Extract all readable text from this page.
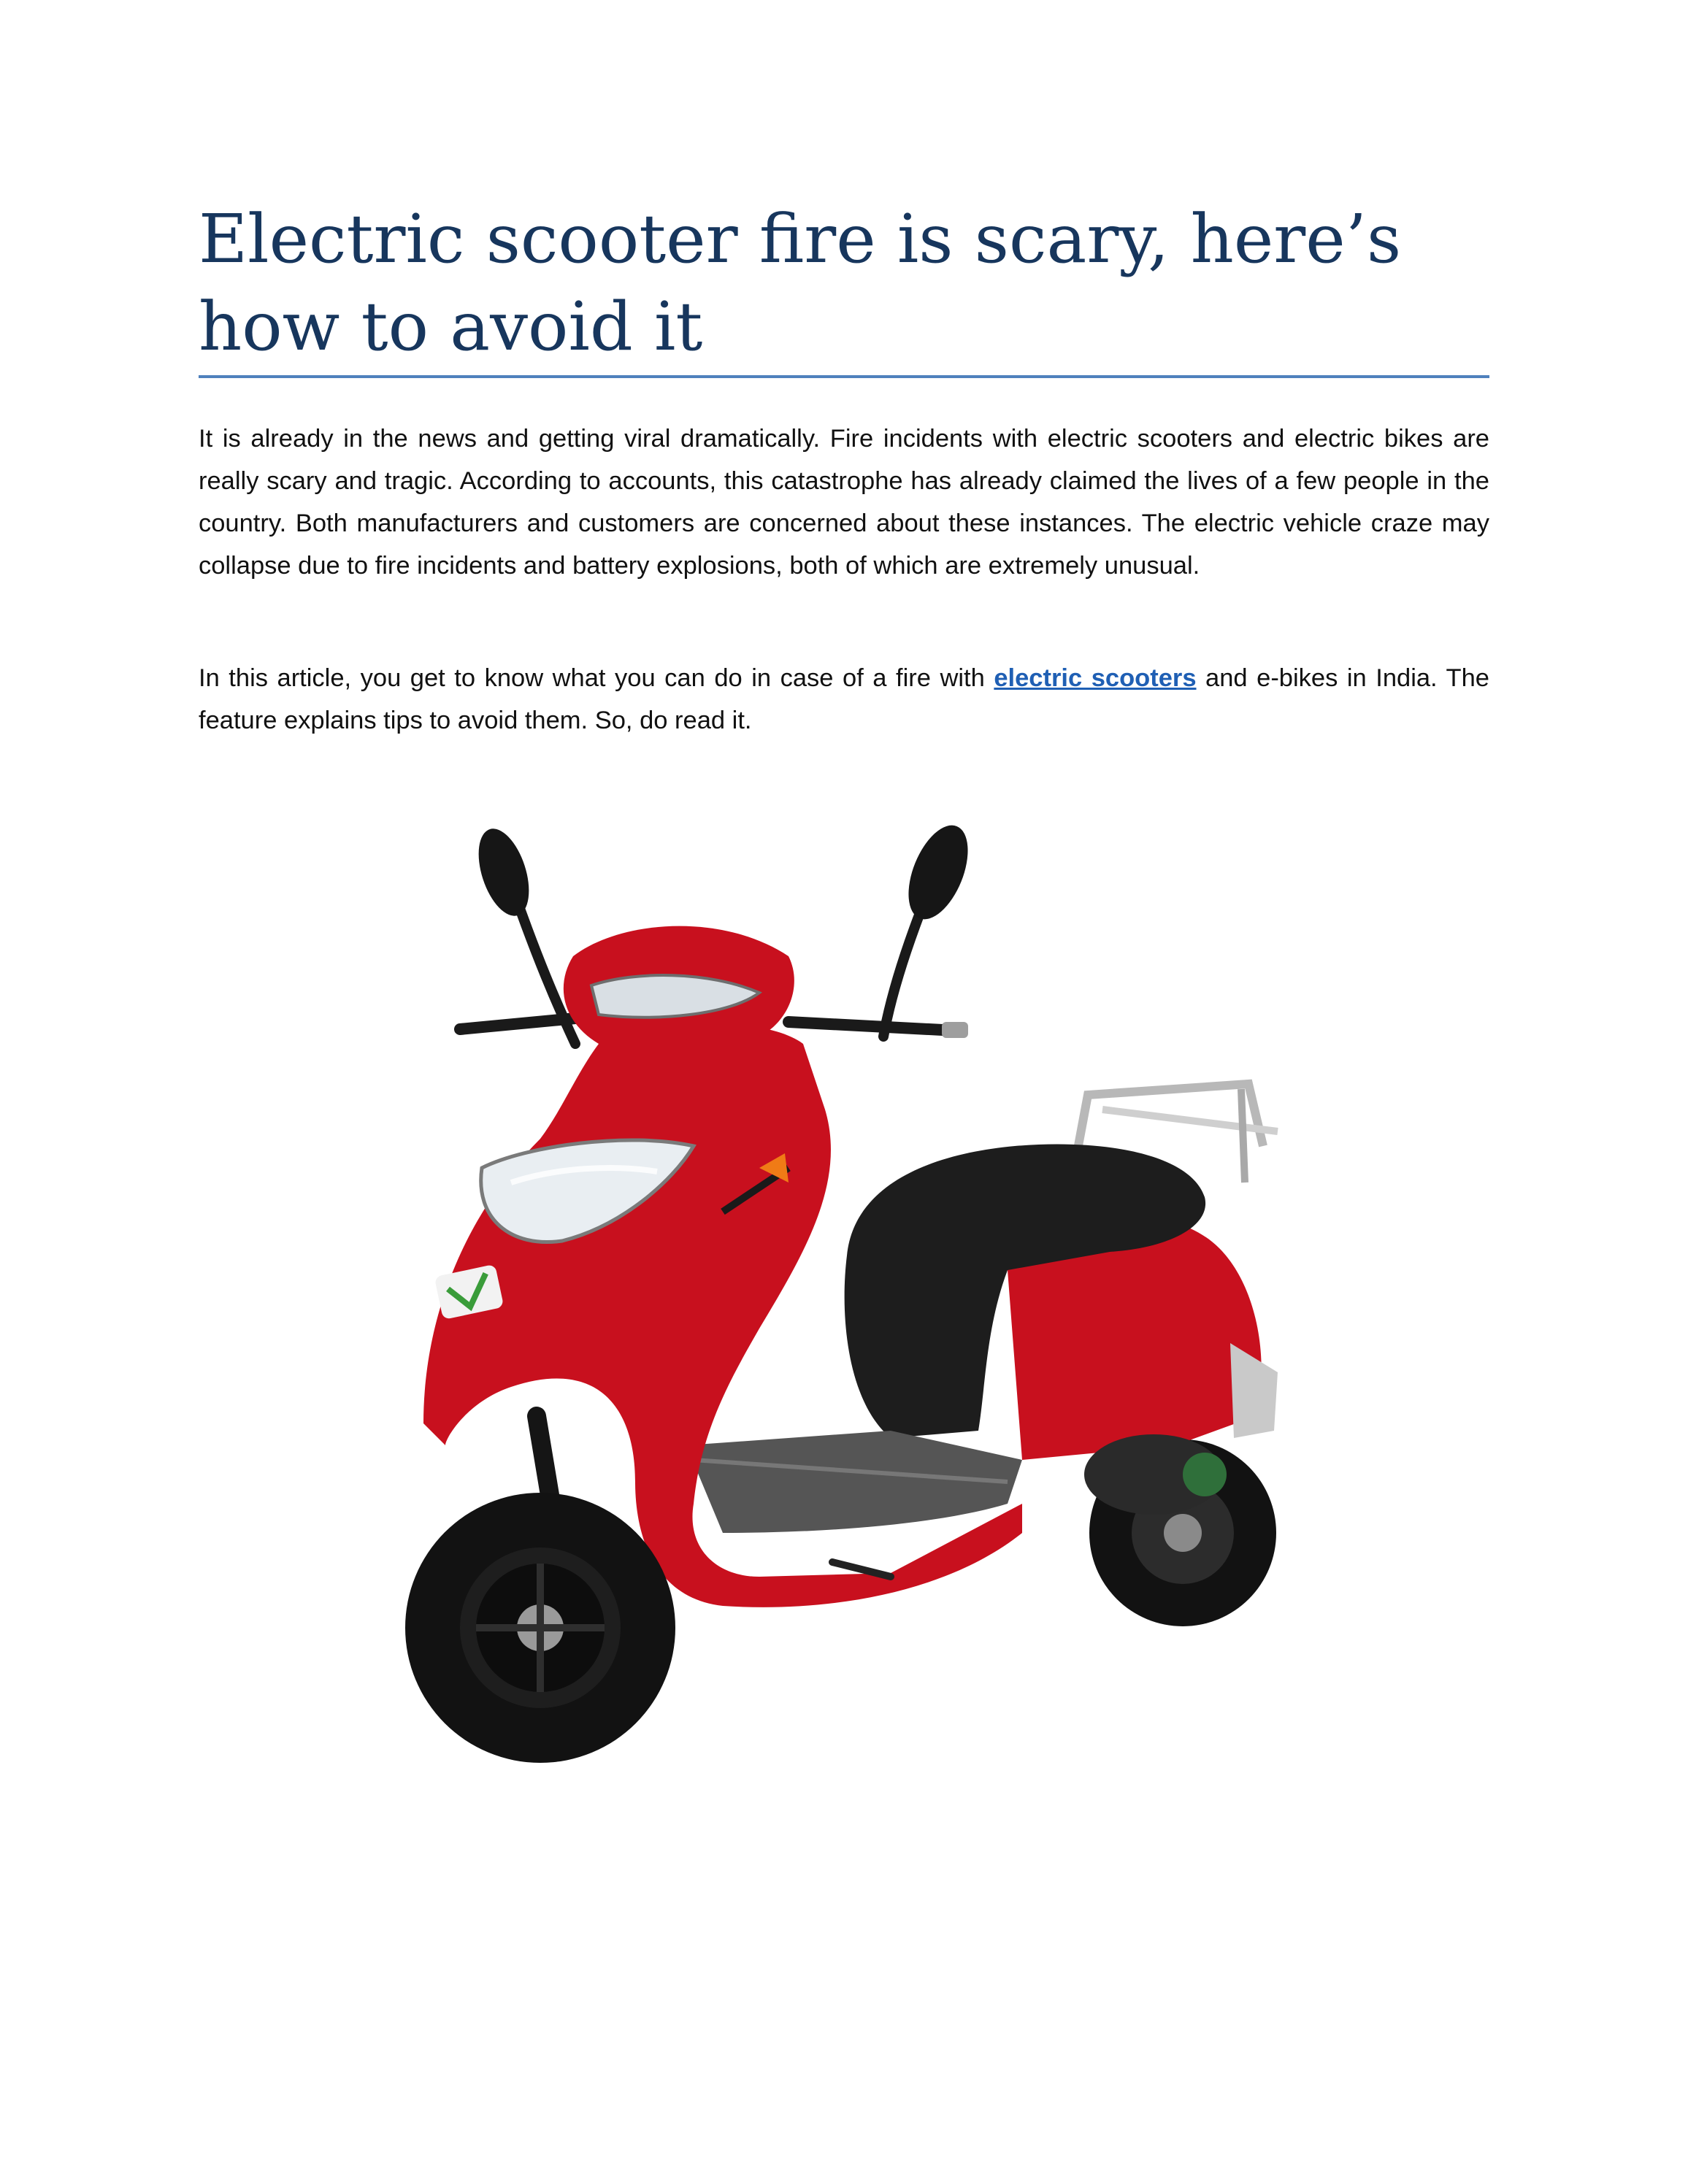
Electric scooter fire is scary, here’s how to avoid it

It is already in the news and getting viral dramatically. Fire incidents with electric scooters and electric bikes are really scary and tragic. According to accounts, this catastrophe has already claimed the lives of a few people in the country. Both manufacturers and customers are concerned about these instances. The electric vehicle craze may collapse due to fire incidents and battery explosions, both of which are extremely unusual.

In this article, you get to know what you can do in case of a fire with electric scooters and e-bikes in India. The feature explains tips to avoid them. So, do read it.
